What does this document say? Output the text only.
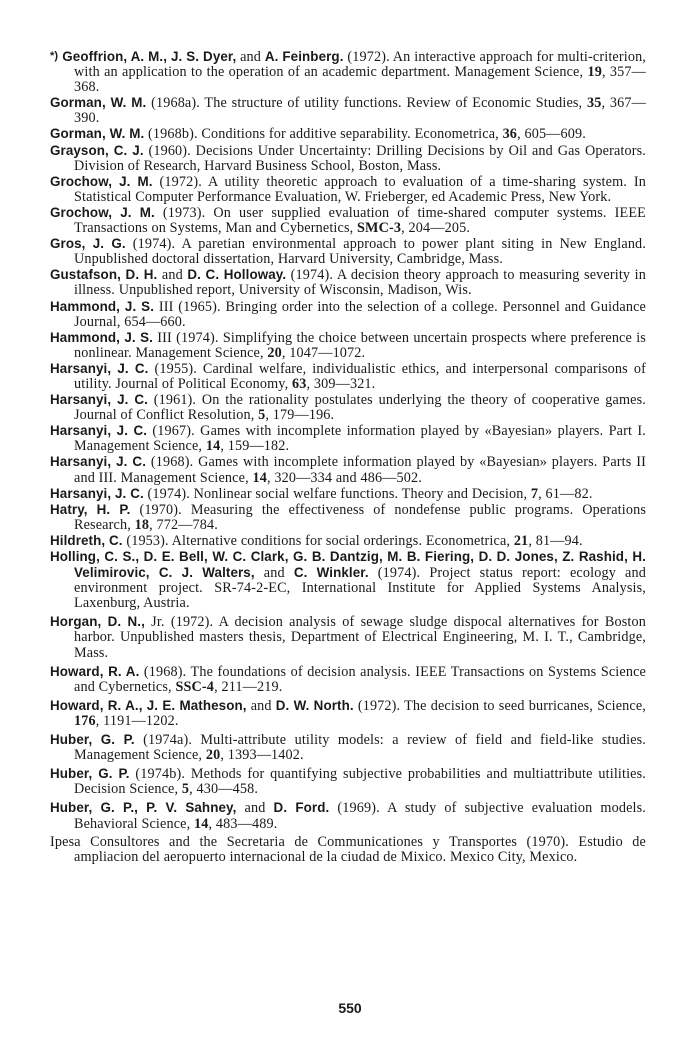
*) Geoffrion, A. M., J. S. Dyer, and A. Feinberg. (1972). An interactive approach for multi-criterion, with an application to the operation of an academic department. Management Science, 19, 357—368.

Gorman, W. M. (1968a). The structure of utility functions. Review of Economic Studies, 35, 367—390.

Gorman, W. M. (1968b). Conditions for additive separability. Econometrica, 36, 605—609.

Grayson, C. J. (1960). Decisions Under Uncertainty: Drilling Decisions by Oil and Gas Operators. Division of Research, Harvard Business School, Boston, Mass.

Grochow, J. M. (1972). A utility theoretic approach to evaluation of a time-sharing system. In Statistical Computer Performance Evaluation, W. Frieberger, ed Academic Press, New York.

Grochow, J. M. (1973). On user supplied evaluation of time-shared computer systems. IEEE Transactions on Systems, Man and Cybernetics, SMC-3, 204—205.

Gros, J. G. (1974). A paretian environmental approach to power plant siting in New England. Unpublished doctoral dissertation, Harvard University, Cambridge, Mass.

Gustafson, D. H. and D. C. Holloway. (1974). A decision theory approach to measuring severity in illness. Unpublished report, University of Wisconsin, Madison, Wis.

Hammond, J. S. III (1965). Bringing order into the selection of a college. Personnel and Guidance Journal, 654—660.

Hammond, J. S. III (1974). Simplifying the choice between uncertain prospects where preference is nonlinear. Management Science, 20, 1047—1072.

Harsanyi, J. C. (1955). Cardinal welfare, individualistic ethics, and interpersonal comparisons of utility. Journal of Political Economy, 63, 309—321.

Harsanyi, J. C. (1961). On the rationality postulates underlying the theory of cooperative games. Journal of Conflict Resolution, 5, 179—196.

Harsanyi, J. C. (1967). Games with incomplete information played by «Bayesian» players. Part I. Management Science, 14, 159—182.

Harsanyi, J. C. (1968). Games with incomplete information played by «Bayesian» players. Parts II and III. Management Science, 14, 320—334 and 486—502.

Harsanyi, J. C. (1974). Nonlinear social welfare functions. Theory and Decision, 7, 61—82.

Hatry, H. P. (1970). Measuring the effectiveness of nondefense public programs. Operations Research, 18, 772—784.

Hildreth, C. (1953). Alternative conditions for social orderings. Econometrica, 21, 81—94.

Holling, C. S., D. E. Bell, W. C. Clark, G. B. Dantzig, M. B. Fiering, D. D. Jones, Z. Rashid, H. Velimirovic, C. J. Walters, and C. Winkler. (1974). Project status report: ecology and environment project. SR-74-2-EC, International Institute for Applied Systems Analysis, Laxenburg, Austria.

Horgan, D. N., Jr. (1972). A decision analysis of sewage sludge dispocal alternatives for Boston harbor. Unpublished masters thesis, Department of Electrical Engineering, M. I. T., Cambridge, Mass.

Howard, R. A. (1968). The foundations of decision analysis. IEEE Transactions on Systems Science and Cybernetics, SSC-4, 211—219.

Howard, R. A., J. E. Matheson, and D. W. North. (1972). The decision to seed burricanes, Science, 176, 1191—1202.

Huber, G. P. (1974a). Multi-attribute utility models: a review of field and field-like studies. Management Science, 20, 1393—1402.

Huber, G. P. (1974b). Methods for quantifying subjective probabilities and multiattribute utilities. Decision Science, 5, 430—458.

Huber, G. P., P. V. Sahney, and D. Ford. (1969). A study of subjective evaluation models. Behavioral Science, 14, 483—489.

Ipesa Consultores and the Secretaria de Communicationes y Transportes (1970). Estudio de ampliacion del aeropuerto internacional de la ciudad de Mixico. Mexico City, Mexico.

550
